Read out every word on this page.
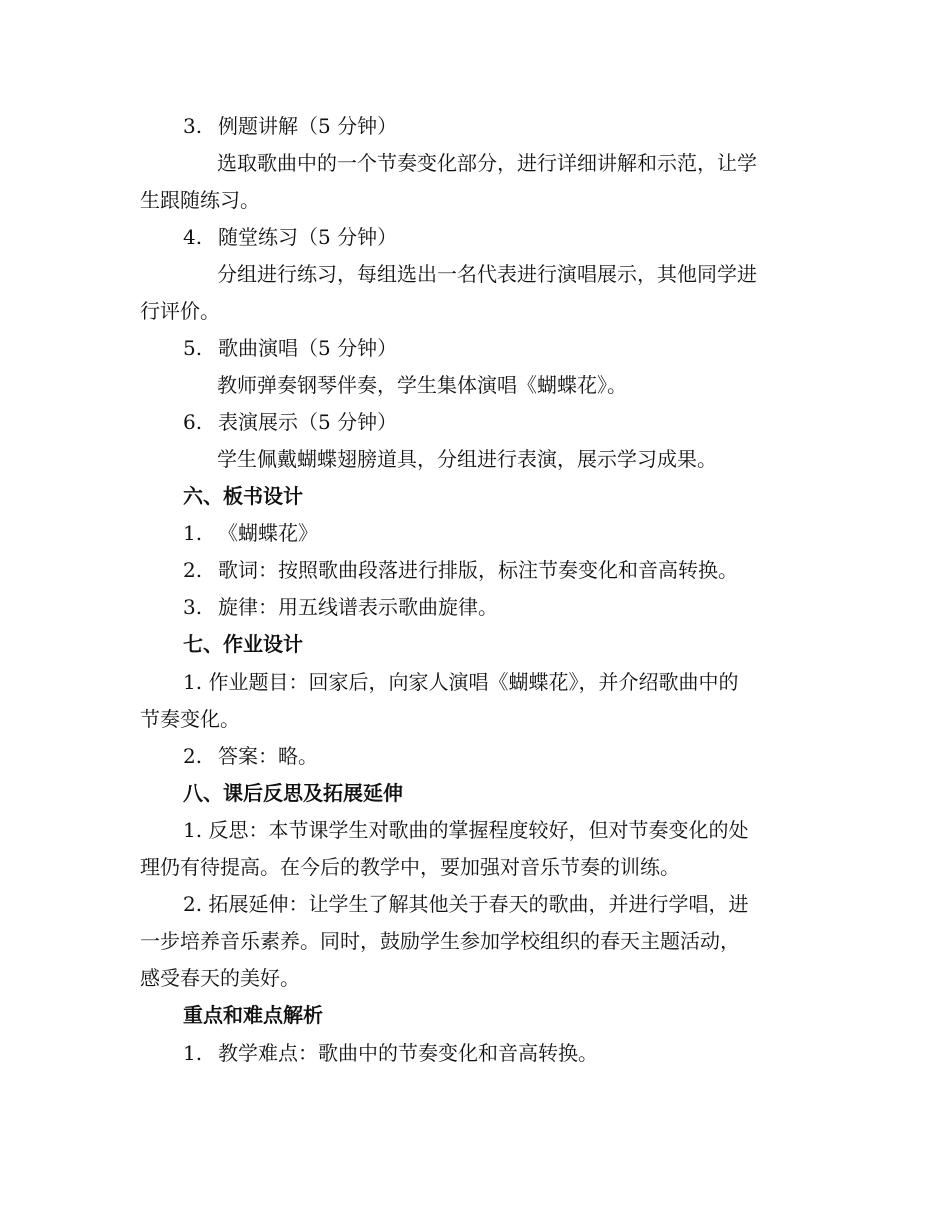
3. 例题讲解（5 分钟）
选取歌曲中的一个节奏变化部分，进行详细讲解和示范，让学
生跟随练习。
4. 随堂练习（5 分钟）
分组进行练习，每组选出一名代表进行演唱展示，其他同学进
行评价。
5. 歌曲演唱（5 分钟）
教师弹奏钢琴伴奏，学生集体演唱《蝴蝶花》。
6. 表演展示（5 分钟）
学生佩戴蝴蝶翅膀道具，分组进行表演，展示学习成果。
六、板书设计
1. 《蝴蝶花》
2. 歌词：按照歌曲段落进行排版，标注节奏变化和音高转换。
3. 旋律：用五线谱表示歌曲旋律。
七、作业设计
1. 作业题目：回家后，向家人演唱《蝴蝶花》，并介绍歌曲中的
节奏变化。
2. 答案：略。
八、课后反思及拓展延伸
1. 反思：本节课学生对歌曲的掌握程度较好，但对节奏变化的处
理仍有待提高。在今后的教学中，要加强对音乐节奏的训练。
2. 拓展延伸：让学生了解其他关于春天的歌曲，并进行学唱，进
一步培养音乐素养。同时，鼓励学生参加学校组织的春天主题活动，
感受春天的美好。
重点和难点解析
1. 教学难点：歌曲中的节奏变化和音高转换。
